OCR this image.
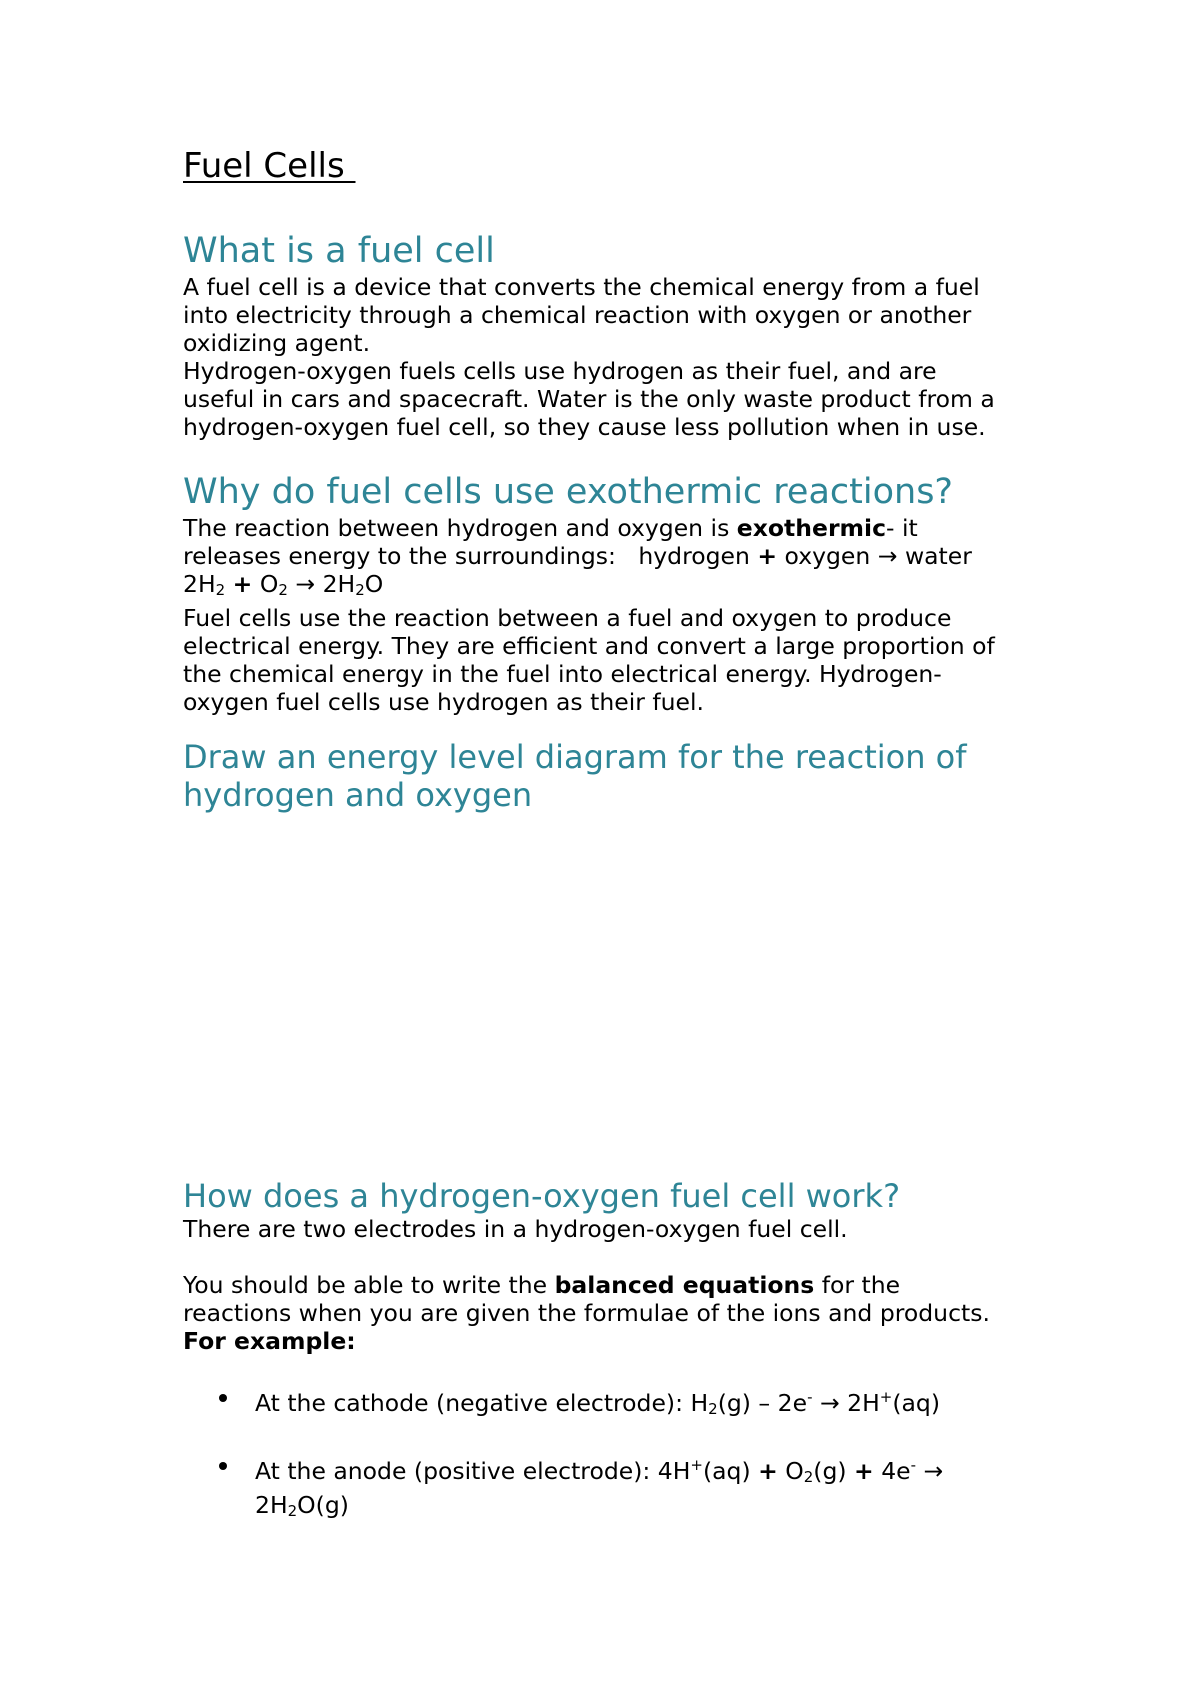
Fuel Cells
What is a fuel cell
A fuel cell is a device that converts the chemical energy from a fuel
into electricity through a chemical reaction with oxygen or another
oxidizing agent.
Hydrogen-oxygen fuels cells use hydrogen as their fuel, and are
useful in cars and spacecraft. Water is the only waste product from a
hydrogen-oxygen fuel cell, so they cause less pollution when in use.
Why do fuel cells use exothermic reactions?
The reaction between hydrogen and oxygen is exothermic- it
releases energy to the surroundings:   hydrogen + oxygen → water
2H2 + O2 → 2H2O
Fuel cells use the reaction between a fuel and oxygen to produce
electrical energy. They are efficient and convert a large proportion of
the chemical energy in the fuel into electrical energy. Hydrogen-
oxygen fuel cells use hydrogen as their fuel.
Draw an energy level diagram for the reaction of
hydrogen and oxygen
How does a hydrogen-oxygen fuel cell work?
There are two electrodes in a hydrogen-oxygen fuel cell.

You should be able to write the balanced equations for the
reactions when you are given the formulae of the ions and products.
For example:
At the cathode (negative electrode): H2(g) – 2e- → 2H+(aq)
At the anode (positive electrode): 4H+(aq) + O2(g) + 4e- →
2H2O(g)
